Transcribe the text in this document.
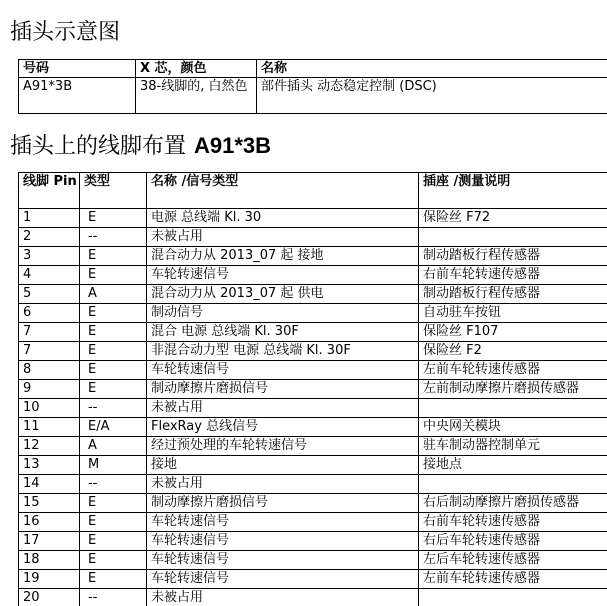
插头示意图
号码	X 芯，颜色	名称
A91*3B	38-线脚的, 白然色	部件插头 动态稳定控制 (DSC)
插头上的线脚布置 A91*3B
线脚 Pin	类型	名称 /信号类型	插座 /测量说明
1	E	电源 总线端 Kl. 30	保险丝 F72
2	--	未被占用	
3	E	混合动力从 2013_07 起 接地	制动踏板行程传感器
4	E	车轮转速信号	右前车轮转速传感器
5	A	混合动力从 2013_07 起 供电	制动踏板行程传感器
6	E	制动信号	自动驻车按钮
7	E	混合 电源 总线端 Kl. 30F	保险丝 F107
7	E	非混合动力型 电源 总线端 Kl. 30F	保险丝 F2
8	E	车轮转速信号	左前车轮转速传感器
9	E	制动摩擦片磨损信号	左前制动摩擦片磨损传感器
10	--	未被占用	
11	E/A	FlexRay 总线信号	中央网关模块
12	A	经过预处理的车轮转速信号	驻车制动器控制单元
13	M	接地	接地点
14	--	未被占用	
15	E	制动摩擦片磨损信号	右后制动摩擦片磨损传感器
16	E	车轮转速信号	右前车轮转速传感器
17	E	车轮转速信号	右后车轮转速传感器
18	E	车轮转速信号	左后车轮转速传感器
19	E	车轮转速信号	左前车轮转速传感器
20	--	未被占用	
